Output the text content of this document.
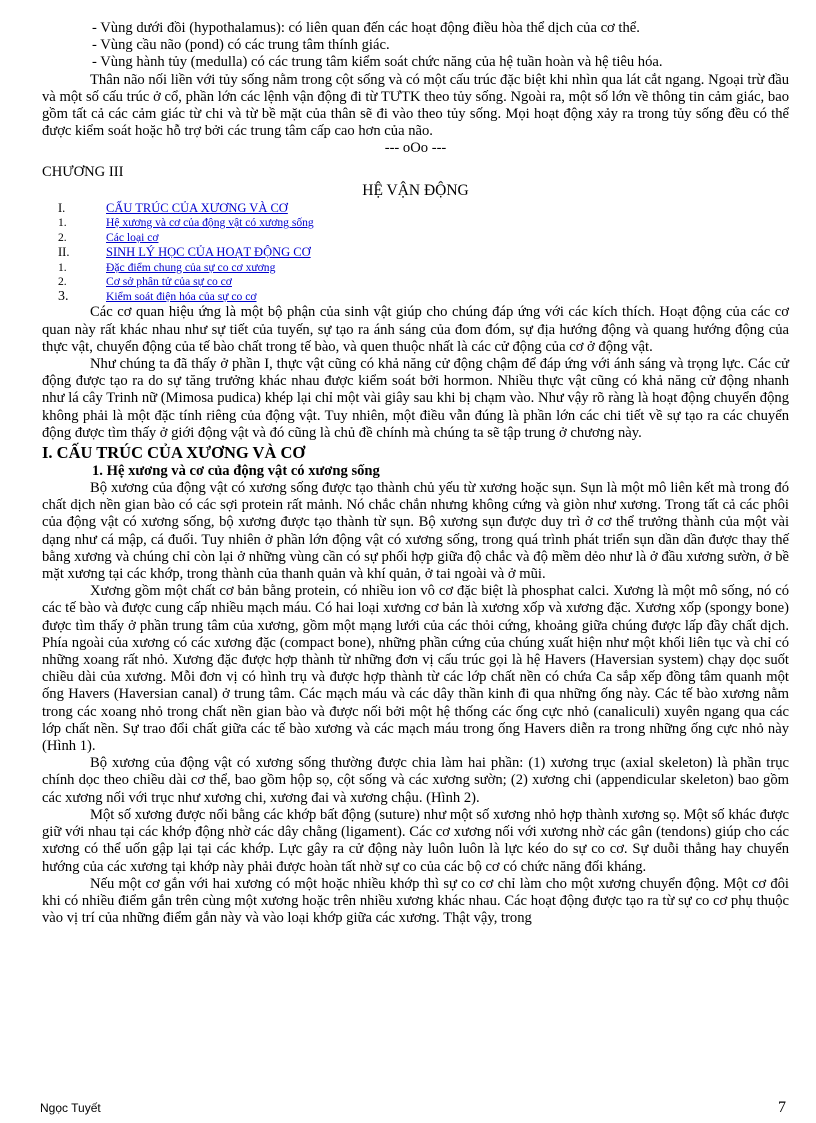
- Vùng dưới đồi (hypothalamus): có liên quan đến các hoạt động điều hòa thể dịch của cơ thể.

- Vùng cầu não (pond) có các trung tâm thính giác.

- Vùng hành tủy (medulla) có các trung tâm kiểm soát chức năng của hệ tuần hoàn và hệ tiêu hóa.

Thân não nối liền với tủy sống nằm trong cột sống và có một cấu trúc đặc biệt khi nhìn qua lát cắt ngang. Ngoại trừ đầu và một số cấu trúc ở cổ, phần lớn các lệnh vận động đi từ TƯTK theo tủy sống. Ngoài ra, một số lớn về thông tin cảm giác, bao gồm tất cả các cảm giác từ chi và từ bề mặt của thân sẽ đi vào theo tủy sống. Mọi hoạt động xảy ra trong tủy sống đều có thể được kiểm soát hoặc hỗ trợ bởi các trung tâm cấp cao hơn của não.

--- oOo ---

CHƯƠNG III
HỆ VẬN ĐỘNG
I.	CẤU TRÚC CỦA XƯƠNG VÀ CƠ
1.	Hệ xương và cơ của động vật có xương sống
2.	Các loại cơ
II.	SINH LÝ HỌC CỦA HOẠT ĐỘNG CƠ
1.	Đặc điểm chung của sự co cơ xương
2.	Cơ sở phân tử của sự co cơ
3.	Kiểm soát điện hóa của sự co cơ

Các cơ quan hiệu ứng là một bộ phận của sinh vật giúp cho chúng đáp ứng với các kích thích. Hoạt động của các cơ quan này rất khác nhau như sự tiết của tuyến, sự tạo ra ánh sáng của đom đóm, sự địa hướng động và quang hướng động của thực vật, chuyển động của tế bào chất trong tế bào, và quen thuộc nhất là các cử động của cơ ở động vật.

Như chúng ta đã thấy ở phần I, thực vật cũng có khả năng cử động chậm để đáp ứng với ánh sáng và trọng lực. Các cử động được tạo ra do sự tăng trưởng khác nhau được kiểm soát bởi hormon. Nhiều thực vật cũng có khả năng cử động nhanh như lá cây Trinh nữ (Mimosa pudica) khép lại chỉ một vài giây sau khi bị chạm vào. Như vậy rõ ràng là hoạt động chuyển động không phải là một đặc tính riêng của động vật. Tuy nhiên, một điều vẫn đúng là phần lớn các chi tiết về sự tạo ra các chuyển động được tìm thấy ở giới động vật và đó cũng là chủ đề chính mà chúng ta sẽ tập trung ở chương này.

I. CẤU TRÚC CỦA XƯƠNG VÀ CƠ
1. Hệ xương và cơ của động vật có xương sống

Bộ xương của động vật có xương sống được tạo thành chủ yếu từ xương hoặc sụn. Sụn là một mô liên kết mà trong đó chất dịch nền gian bào có các sợi protein rất mảnh. Nó chắc chắn nhưng không cứng và giòn như xương. Trong tất cả các phôi của động vật có xương sống, bộ xương được tạo thành từ sụn. Bộ xương sụn được duy trì ở cơ thể trưởng thành của một vài dạng như cá mập, cá đuối. Tuy nhiên ở phần lớn động vật có xương sống, trong quá trình phát triển sụn dần dần được thay thế bằng xương và chúng chỉ còn lại ở những vùng cần có sự phối hợp giữa độ chắc và độ mềm dẻo như là ở đầu xương sườn, ở bề mặt xương tại các khớp, trong thành của thanh quản và khí quản, ở tai ngoài và ở mũi.

Xương gồm một chất cơ bản bằng protein, có nhiều ion vô cơ đặc biệt là phosphat calci. Xương là một mô sống, nó có các tế bào và được cung cấp nhiều mạch máu. Có hai loại xương cơ bản là xương xốp và xương đặc. Xương xốp (spongy bone) được tìm thấy ở phần trung tâm của xương, gồm một mạng lưới của các thỏi cứng, khoảng giữa chúng được lấp đầy chất dịch. Phía ngoài của xương có các xương đặc (compact bone), những phần cứng của chúng xuất hiện như một khối liên tục và chỉ có những xoang rất nhỏ. Xương đặc được hợp thành từ những đơn vị cấu trúc gọi là hệ Havers (Haversian system) chạy dọc suốt chiều dài của xương. Mỗi đơn vị có hình trụ và được hợp thành từ các lớp chất nền có chứa Ca sắp xếp đồng tâm quanh một ống Havers (Haversian canal) ở trung tâm. Các mạch máu và các dây thần kinh đi qua những ống này. Các tế bào xương nằm trong các xoang nhỏ trong chất nền gian bào và được nối bởi một hệ thống các ống cực nhỏ (canaliculi) xuyên ngang qua các lớp chất nền. Sự trao đổi chất giữa các tế bào xương và các mạch máu trong ống Havers diễn ra trong những ống cực nhỏ này (Hình 1).

Bộ xương của động vật có xương sống thường được chia làm hai phần: (1) xương trục (axial skeleton) là phần trục chính dọc theo chiều dài cơ thể, bao gồm hộp sọ, cột sống và các xương sườn; (2) xương chi (appendicular skeleton) bao gồm các xương nối với trục như xương chi, xương đai và xương chậu. (Hình 2).

Một số xương được nối bằng các khớp bất động (suture) như một số xương nhỏ hợp thành xương sọ. Một số khác được giữ với nhau tại các khớp động nhờ các dây chằng (ligament). Các cơ xương nối với xương nhờ các gân (tendons) giúp cho các xương có thể uốn gập lại tại các khớp. Lực gây ra cử động này luôn luôn là lực kéo do sự co cơ. Sự duỗi thẳng hay chuyển hướng của các xương tại khớp này phải được hoàn tất nhờ sự co của các bộ cơ có chức năng đối kháng.

Nếu một cơ gắn với hai xương có một hoặc nhiều khớp thì sự co cơ chỉ làm cho một xương chuyển động. Một cơ đôi khi có nhiều điểm gắn trên cùng một xương hoặc trên nhiều xương khác nhau. Các hoạt động được tạo ra từ sự co cơ phụ thuộc vào vị trí của những điểm gắn này và vào loại khớp giữa các xương. Thật vậy, trong

Ngọc Tuyết	7
